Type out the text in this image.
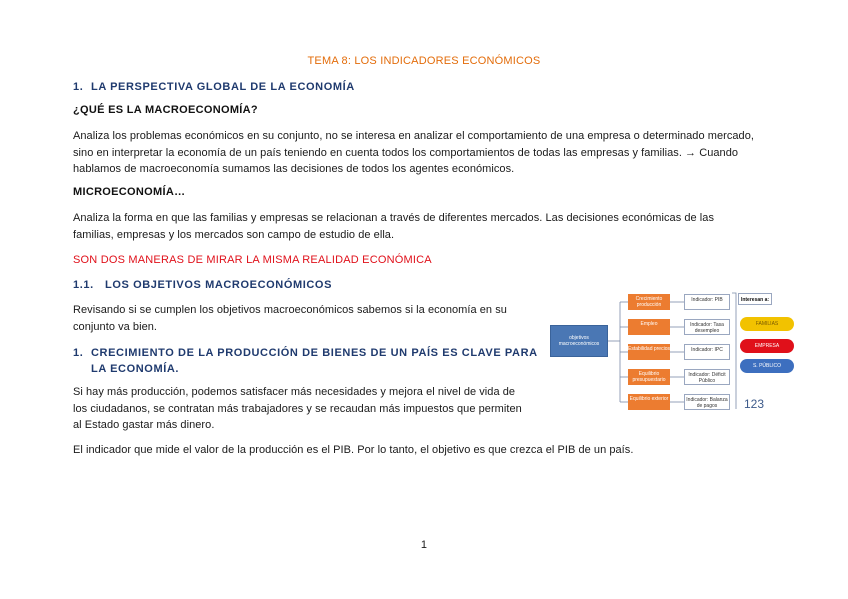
TEMA 8: LOS INDICADORES ECONÓMICOS
1. LA PERSPECTIVA GLOBAL DE LA ECONOMÍA
¿QUÉ ES LA MACROECONOMÍA?
Analiza los problemas económicos en su conjunto, no se interesa en analizar el comportamiento de una empresa o determinado mercado,
sino en interpretar la economía de un país teniendo en cuenta todos los comportamientos de todas las empresas y familias. → Cuando
hablamos de macroeconomía sumamos las decisiones de todos los agentes económicos.
MICROECONOMÍA…
Analiza la forma en que las familias y empresas se relacionan a través de diferentes mercados. Las decisiones económicas de las
familias, empresas y los mercados son campo de estudio de ella.
SON DOS MANERAS DE MIRAR LA MISMA REALIDAD ECONÓMICA
1.1. LOS OBJETIVOS MACROECONÓMICOS
Revisando si se cumplen los objetivos macroeconómicos sabemos si la economía en su
conjunto va bien.
1. CRECIMIENTO DE LA PRODUCCIÓN DE BIENES DE UN PAÍS ES CLAVE PARA
LA ECONOMÍA.
Si hay más producción, podemos satisfacer más necesidades y mejora el nivel de vida de
los ciudadanos, se contratan más trabajadores y se recaudan más impuestos que permiten
al Estado gastar más dinero.
El indicador que mide el valor de la producción es el PIB. Por lo tanto, el objetivo es que crezca el PIB de un país.
1
objetivos macroeconómicos
Crecimiento producción
Empleo
Estabilidad precios
Equilibrio presupuestario
Equilibrio exterior
Indicador: PIB
Indicador: Tasa desempleo
Indicador: IPC
Indicador: Déficit Público
Indicador: Balanza de pagos
Interesan a:
FAMILIAS
EMPRESA
S. PÚBLICO
123
